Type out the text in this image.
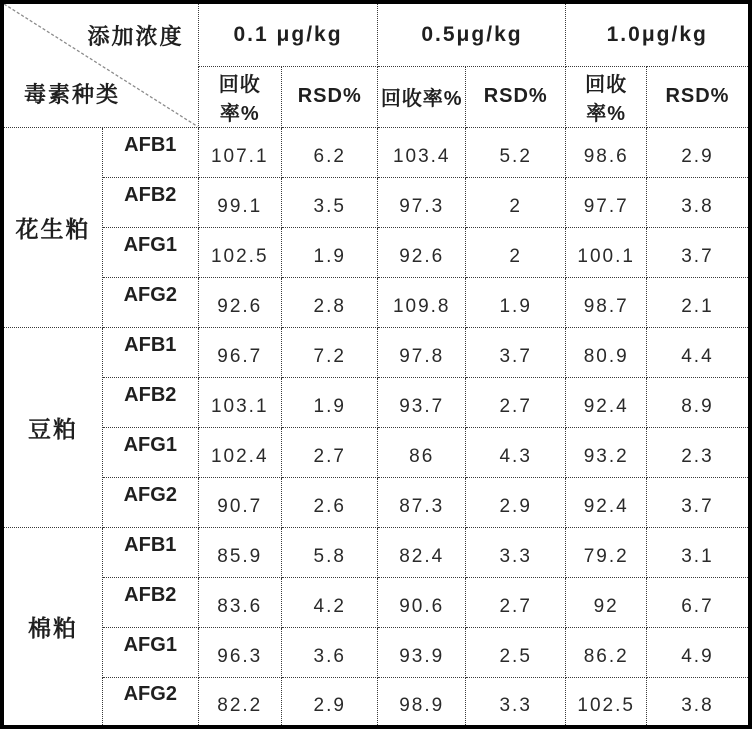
添加浓度
毒素种类		0.1 μg/kg		0.5μg/kg		1.0μg/kg	
		回收率%	RSD%	回收率%	RSD%	回收率%	RSD%
花生粕	AFB1	107.1	6.2	103.4	5.2	98.6	2.9
	AFB2	99.1	3.5	97.3	2	97.7	3.8
	AFG1	102.5	1.9	92.6	2	100.1	3.7
	AFG2	92.6	2.8	109.8	1.9	98.7	2.1
豆粕	AFB1	96.7	7.2	97.8	3.7	80.9	4.4
	AFB2	103.1	1.9	93.7	2.7	92.4	8.9
	AFG1	102.4	2.7	86	4.3	93.2	2.3
	AFG2	90.7	2.6	87.3	2.9	92.4	3.7
棉粕	AFB1	85.9	5.8	82.4	3.3	79.2	3.1
	AFB2	83.6	4.2	90.6	2.7	92	6.7
	AFG1	96.3	3.6	93.9	2.5	86.2	4.9
	AFG2	82.2	2.9	98.9	3.3	102.5	3.8
